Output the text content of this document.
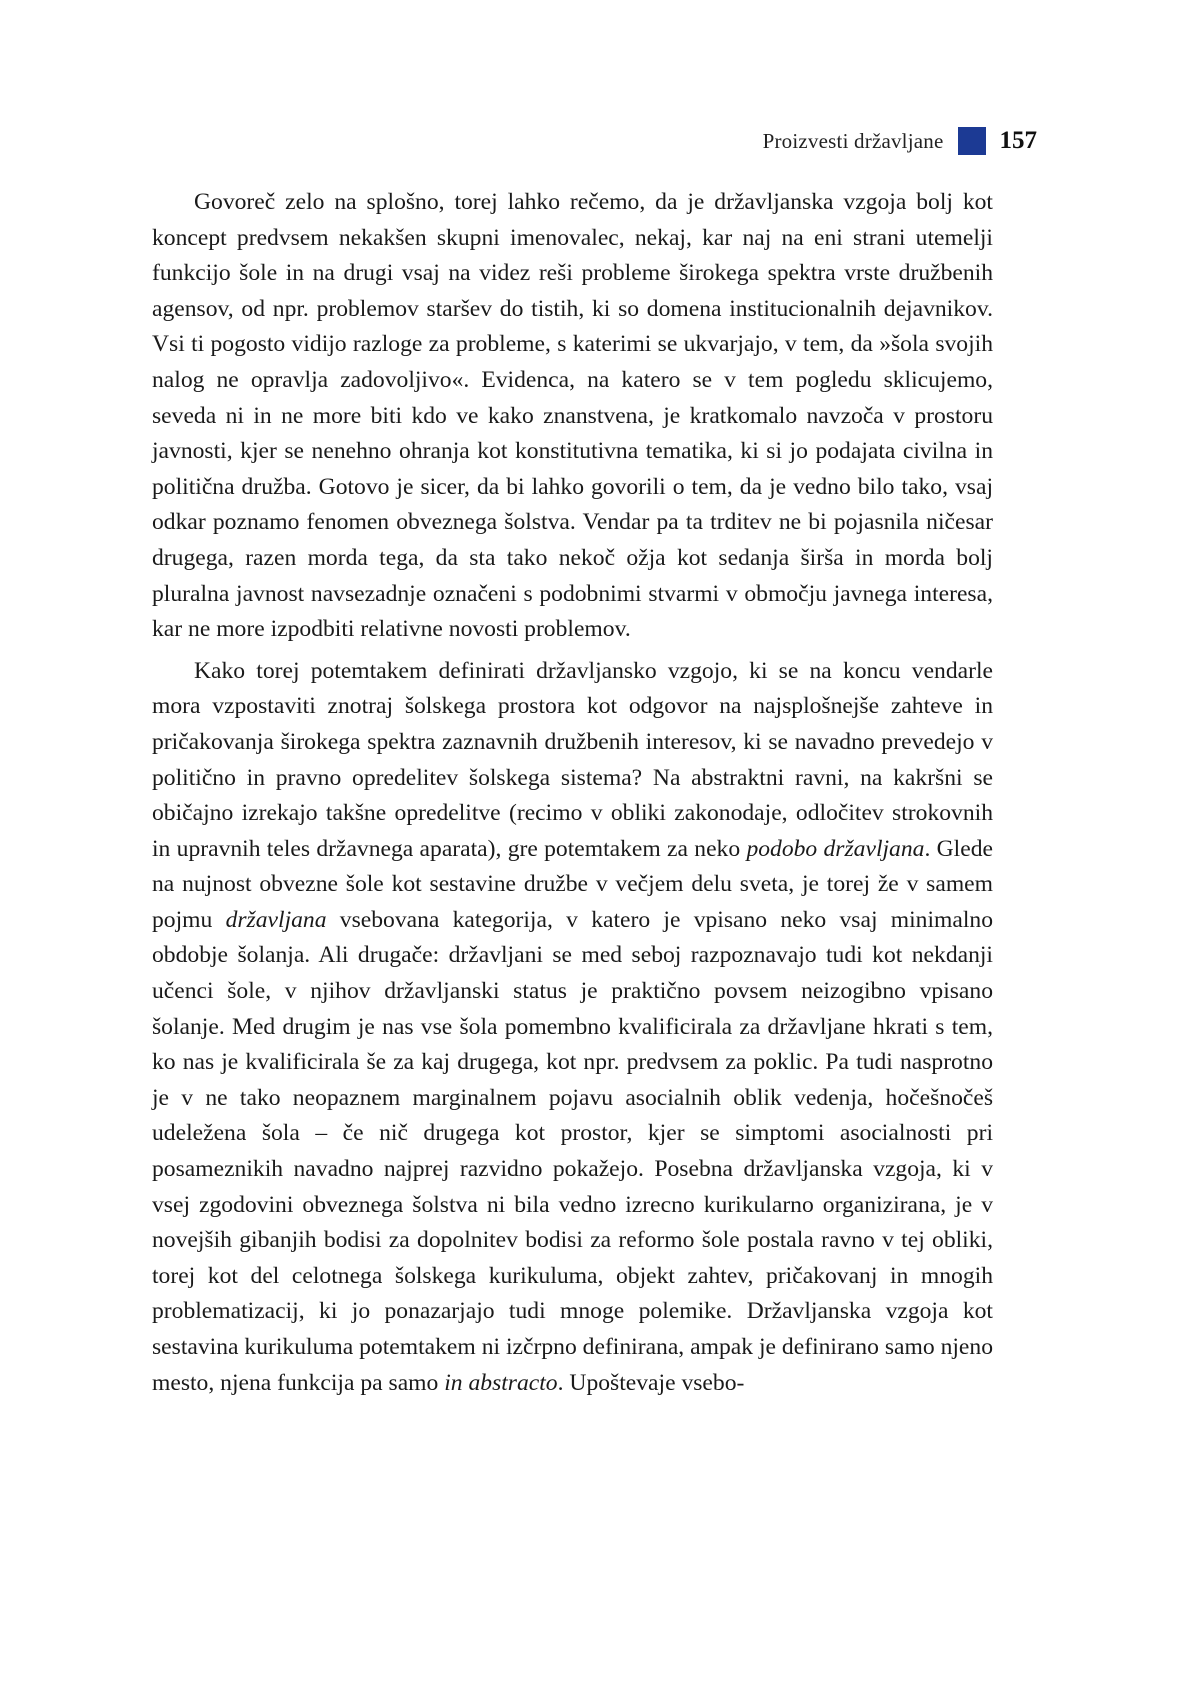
Proizvesti državljane 157

Govoreč zelo na splošno, torej lahko rečemo, da je državljanska vzgoja bolj kot koncept predvsem nekakšen skupni imenovalec, nekaj, kar naj na eni strani utemelji funkcijo šole in na drugi vsaj na videz reši probleme širokega spektra vrste družbenih agensov, od npr. problemov staršev do tistih, ki so domena institucionalnih dejavnikov. Vsi ti pogosto vidijo razloge za probleme, s katerimi se ukvarjajo, v tem, da »šola svojih nalog ne opravlja zadovoljivo«. Evidenca, na katero se v tem pogledu sklicujemo, seveda ni in ne more biti kdo ve kako znanstvena, je kratkomalo navzoča v prostoru javnosti, kjer se nenehno ohranja kot konstitutivna tematika, ki si jo podajata civilna in politična družba. Gotovo je sicer, da bi lahko govorili o tem, da je vedno bilo tako, vsaj odkar poznamo fenomen obveznega šolstva. Vendar pa ta trditev ne bi pojasnila ničesar drugega, razen morda tega, da sta tako nekoč ožja kot sedanja širša in morda bolj pluralna javnost navsezadnje označeni s podobnimi stvarmi v območju javnega interesa, kar ne more izpodbiti relativne novosti problemov.

Kako torej potemtakem definirati državljansko vzgojo, ki se na koncu vendarle mora vzpostaviti znotraj šolskega prostora kot odgovor na najsplošnejše zahteve in pričakovanja širokega spektra zaznavnih družbenih interesov, ki se navadno prevedejo v politično in pravno opredelitev šolskega sistema? Na abstraktni ravni, na kakršni se običajno izrekajo takšne opredelitve (recimo v obliki zakonodaje, odločitev strokovnih in upravnih teles državnega aparata), gre potemtakem za neko podobo državljana. Glede na nujnost obvezne šole kot sestavine družbe v večjem delu sveta, je torej že v samem pojmu državljana vsebovana kategorija, v katero je vpisano neko vsaj minimalno obdobje šolanja. Ali drugače: državljani se med seboj razpoznavajo tudi kot nekdanji učenci šole, v njihov državljanski status je praktično povsem neizogibno vpisano šolanje. Med drugim je nas vse šola pomembno kvalificirala za državljane hkrati s tem, ko nas je kvalificirala še za kaj drugega, kot npr. predvsem za poklic. Pa tudi nasprotno je v ne tako neopaznem marginalnem pojavu asocialnih oblik vedenja, hočešnočeš udeležena šola – če nič drugega kot prostor, kjer se simptomi asocialnosti pri posameznikih navadno najprej razvidno pokažejo. Posebna državljanska vzgoja, ki v vsej zgodovini obveznega šolstva ni bila vedno izrecno kurikularno organizirana, je v novejših gibanjih bodisi za dopolnitev bodisi za reformo šole postala ravno v tej obliki, torej kot del celotnega šolskega kurikuluma, objekt zahtev, pričakovanj in mnogih problematizacij, ki jo ponazarjajo tudi mnoge polemike. Državljanska vzgoja kot sestavina kurikuluma potemtakem ni izčrpno definirana, ampak je definirano samo njeno mesto, njena funkcija pa samo in abstracto. Upoštevaje vsebo-
